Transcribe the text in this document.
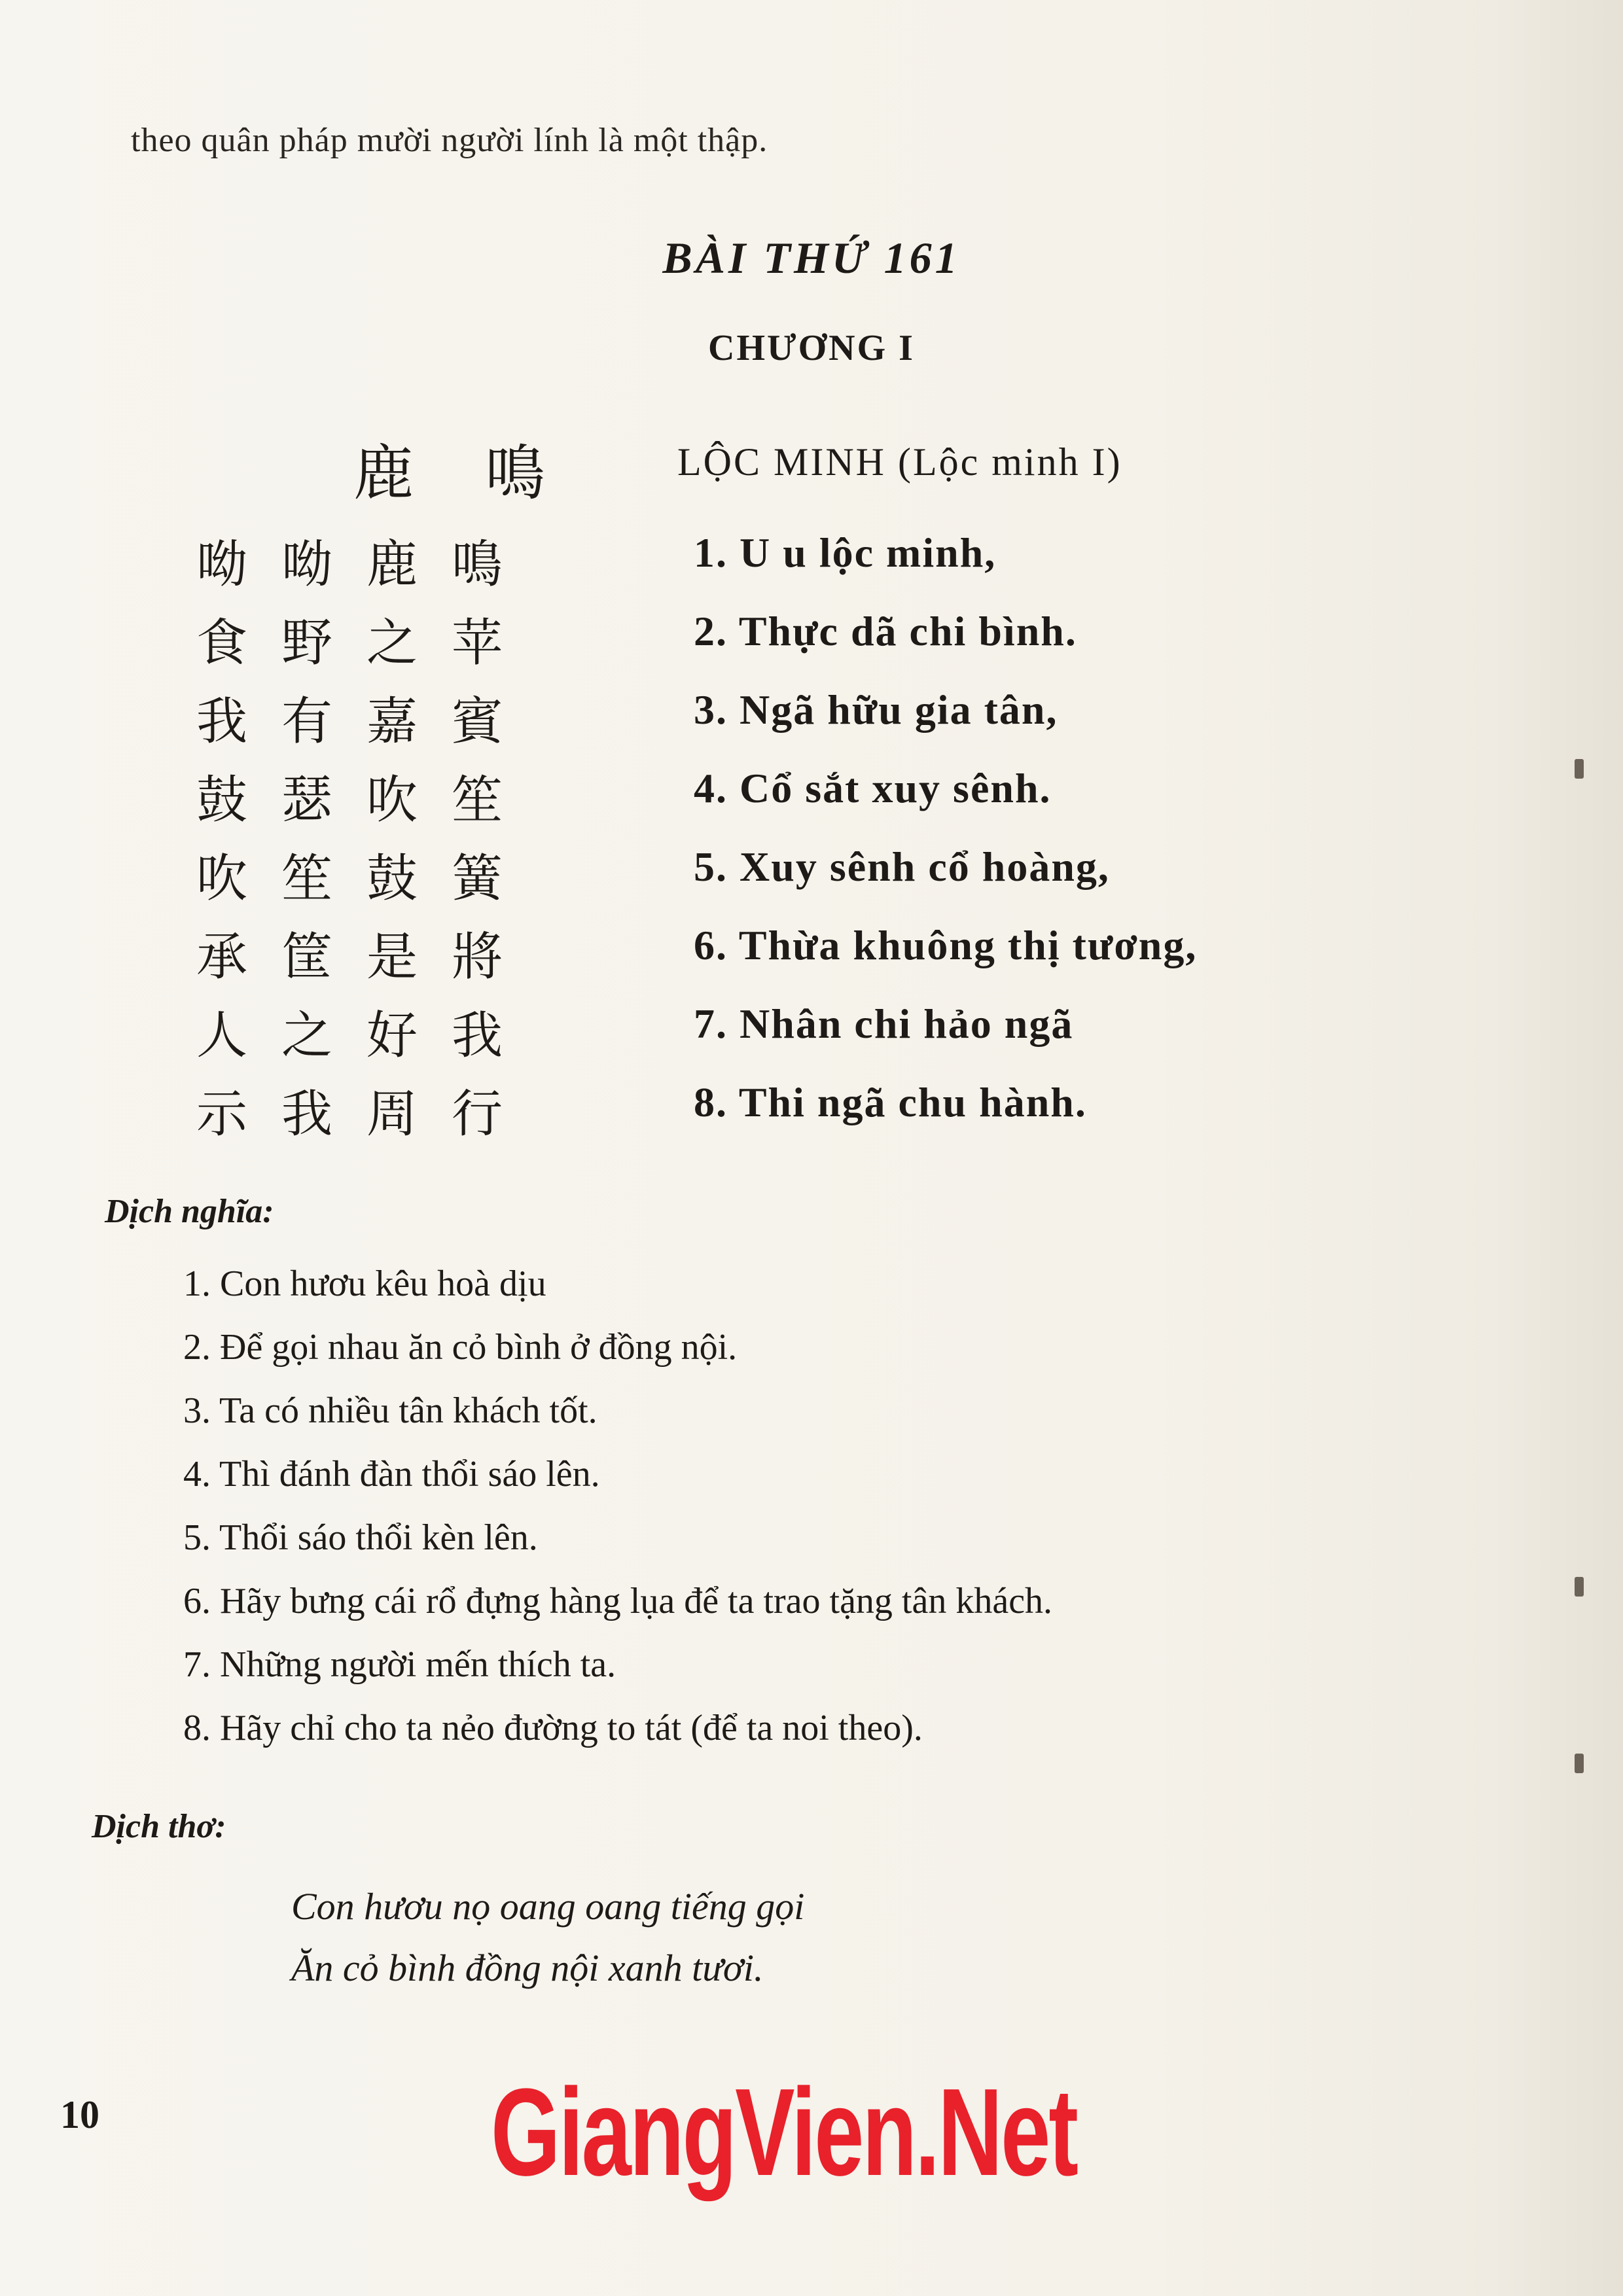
theo quân pháp mười người lính là một thập.
BÀI THỨ 161
CHƯƠNG I
鹿 鳴	LỘC MINH (Lộc minh I)
呦呦鹿鳴
食野之苹
我有嘉賓
鼓瑟吹笙
吹笙鼓簧
承筐是將
人之好我
示我周行
1. U u lộc minh,
2. Thực dã chi bình.
3. Ngã hữu gia tân,
4. Cổ sắt xuy sênh.
5. Xuy sênh cổ hoàng,
6. Thừa khuông thị tương,
7. Nhân chi hảo ngã
8. Thi ngã chu hành.
Dịch nghĩa:
1. Con hươu kêu hoà dịu
2. Để gọi nhau ăn cỏ bình ở đồng nội.
3. Ta có nhiều tân khách tốt.
4. Thì đánh đàn thổi sáo lên.
5. Thổi sáo thổi kèn lên.
6. Hãy bưng cái rổ đựng hàng lụa để ta trao tặng tân khách.
7. Những người mến thích ta.
8. Hãy chỉ cho ta nẻo đường to tát (để ta noi theo).
Dịch thơ:
Con hươu nọ oang oang tiếng gọi
Ăn cỏ bình đồng nội xanh tươi.
10	GiangVien.Net
